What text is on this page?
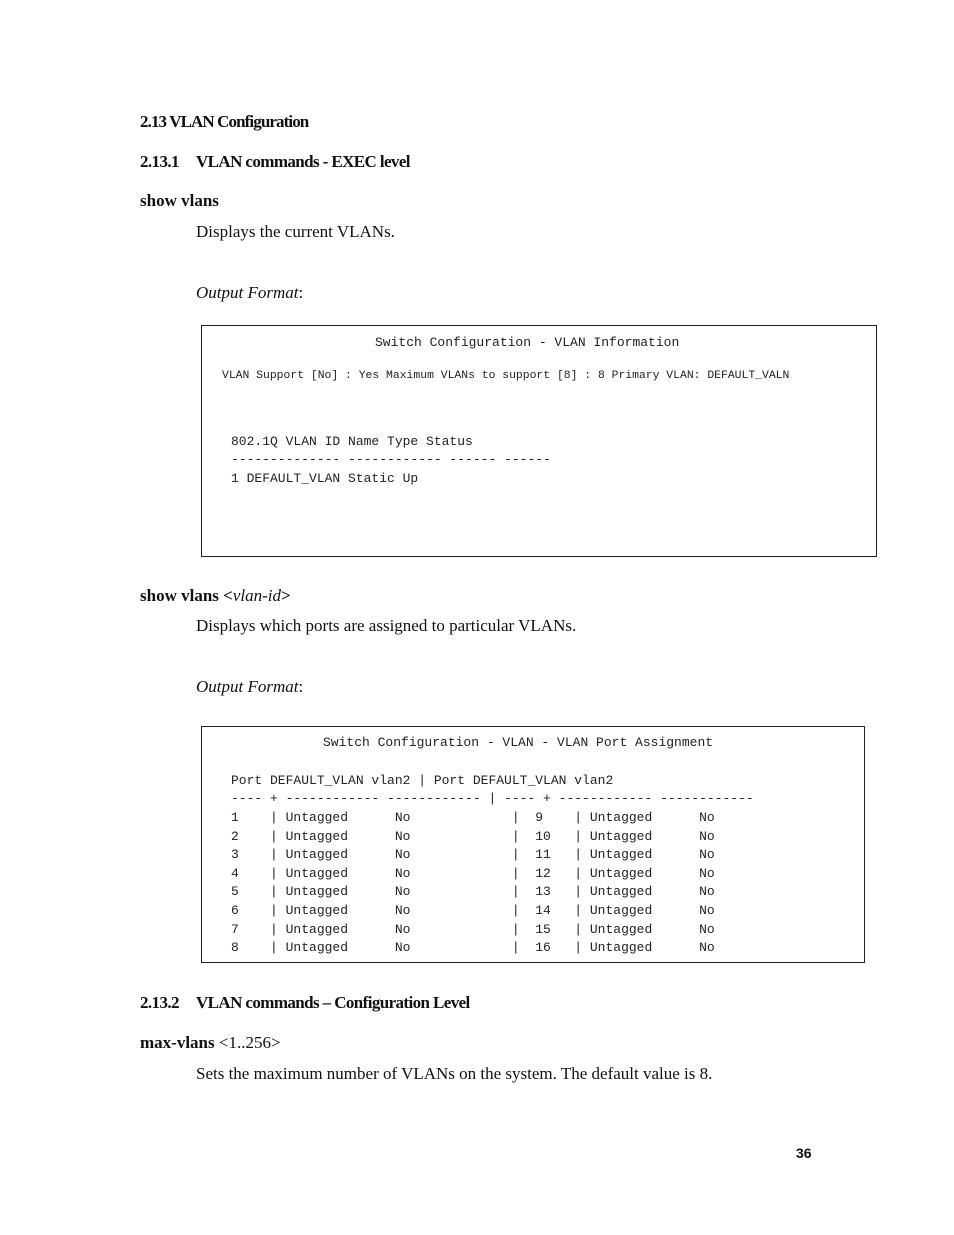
2.13 VLAN Configuration
2.13.1 VLAN commands - EXEC level
show vlans
Displays the current VLANs.
Output Format:
Switch Configuration - VLAN Information
VLAN Support [No] : Yes Maximum VLANs to support [8] : 8 Primary VLAN: DEFAULT_VALN
802.1Q VLAN ID Name Type Status
-------------- ------------ ------ ------
1 DEFAULT_VLAN Static Up
show vlans <vlan-id>
Displays which ports are assigned to particular VLANs.
Output Format:
Switch Configuration - VLAN - VLAN Port Assignment
Port DEFAULT_VLAN vlan2 | Port DEFAULT_VLAN vlan2
---- + ------------ ------------ | ---- + ------------ ------------
1    | Untagged      No             |  9    | Untagged      No
2    | Untagged      No             |  10   | Untagged      No
3    | Untagged      No             |  11   | Untagged      No
4    | Untagged      No             |  12   | Untagged      No
5    | Untagged      No             |  13   | Untagged      No
6    | Untagged      No             |  14   | Untagged      No
7    | Untagged      No             |  15   | Untagged      No
8    | Untagged      No             |  16   | Untagged      No
2.13.2 VLAN commands – Configuration Level
max-vlans <1..256>
Sets the maximum number of VLANs on the system. The default value is 8.
36
